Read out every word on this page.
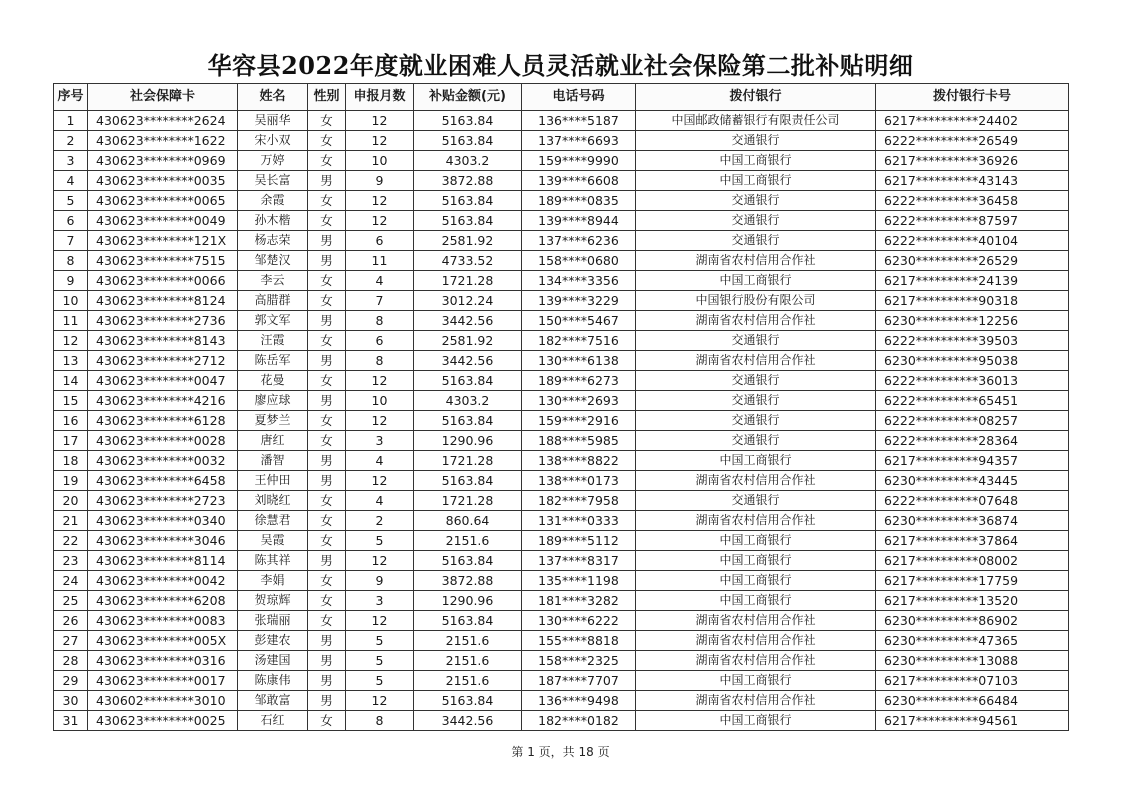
华容县2022年度就业困难人员灵活就业社会保险第二批补贴明细
序号	社会保障卡	姓名	性别	申报月数	补贴金额(元)	电话号码	拨付银行	拨付银行卡号
1	430623********2624	吴丽华	女	12	5163.84	136****5187	中国邮政储蓄银行有限责任公司	6217**********24402
2	430623********1622	宋小双	女	12	5163.84	137****6693	交通银行	6222**********26549
3	430623********0969	万婷	女	10	4303.2	159****9990	中国工商银行	6217**********36926
4	430623********0035	吴长富	男	9	3872.88	139****6608	中国工商银行	6217**********43143
5	430623********0065	余霞	女	12	5163.84	189****0835	交通银行	6222**********36458
6	430623********0049	孙木楷	女	12	5163.84	139****8944	交通银行	6222**********87597
7	430623********121X	杨志荣	男	6	2581.92	137****6236	交通银行	6222**********40104
8	430623********7515	邹楚汉	男	11	4733.52	158****0680	湖南省农村信用合作社	6230**********26529
9	430623********0066	李云	女	4	1721.28	134****3356	中国工商银行	6217**********24139
10	430623********8124	高腊群	女	7	3012.24	139****3229	中国银行股份有限公司	6217**********90318
11	430623********2736	郭文军	男	8	3442.56	150****5467	湖南省农村信用合作社	6230**********12256
12	430623********8143	汪霞	女	6	2581.92	182****7516	交通银行	6222**********39503
13	430623********2712	陈岳军	男	8	3442.56	130****6138	湖南省农村信用合作社	6230**********95038
14	430623********0047	花曼	女	12	5163.84	189****6273	交通银行	6222**********36013
15	430623********4216	廖应球	男	10	4303.2	130****2693	交通银行	6222**********65451
16	430623********6128	夏梦兰	女	12	5163.84	159****2916	交通银行	6222**********08257
17	430623********0028	唐红	女	3	1290.96	188****5985	交通银行	6222**********28364
18	430623********0032	潘智	男	4	1721.28	138****8822	中国工商银行	6217**********94357
19	430623********6458	王仲田	男	12	5163.84	138****0173	湖南省农村信用合作社	6230**********43445
20	430623********2723	刘晓红	女	4	1721.28	182****7958	交通银行	6222**********07648
21	430623********0340	徐慧君	女	2	860.64	131****0333	湖南省农村信用合作社	6230**********36874
22	430623********3046	吴霞	女	5	2151.6	189****5112	中国工商银行	6217**********37864
23	430623********8114	陈其祥	男	12	5163.84	137****8317	中国工商银行	6217**********08002
24	430623********0042	李娟	女	9	3872.88	135****1198	中国工商银行	6217**********17759
25	430623********6208	贺琼辉	女	3	1290.96	181****3282	中国工商银行	6217**********13520
26	430623********0083	张瑞丽	女	12	5163.84	130****6222	湖南省农村信用合作社	6230**********86902
27	430623********005X	彭建农	男	5	2151.6	155****8818	湖南省农村信用合作社	6230**********47365
28	430623********0316	汤建国	男	5	2151.6	158****2325	湖南省农村信用合作社	6230**********13088
29	430623********0017	陈康伟	男	5	2151.6	187****7707	中国工商银行	6217**********07103
30	430602********3010	邹敢富	男	12	5163.84	136****9498	湖南省农村信用合作社	6230**********66484
31	430623********0025	石红	女	8	3442.56	182****0182	中国工商银行	6217**********94561
第 1 页，共 18 页
